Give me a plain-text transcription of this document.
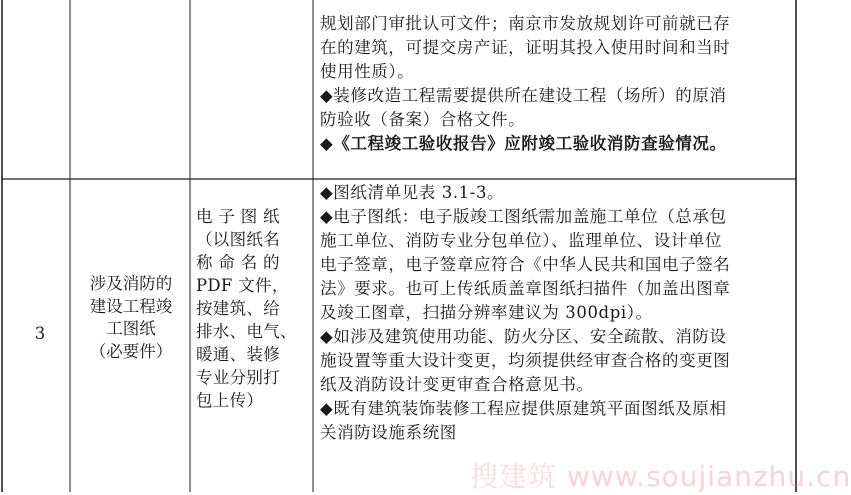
规划部门审批认可文件；南京市发放规划许可前就已存
在的建筑，可提交房产证，证明其投入使用时间和当时
使用性质）。
◆装修改造工程需要提供所在建设工程（场所）的原消
防验收（备案）合格文件。
◆《工程竣工验收报告》应附竣工验收消防查验情况。
3
涉及消防的
建设工程竣
工图纸
（必要件）
电 子 图 纸
（以图纸名
称 命 名 的
PDF 文件，
按建筑、给
排水、电气、
暖通、装修
专业分别打
包上传）
◆图纸清单见表 3.1-3。
◆电子图纸：电子版竣工图纸需加盖施工单位（总承包
施工单位、消防专业分包单位）、监理单位、设计单位
电子签章，电子签章应符合《中华人民共和国电子签名
法》要求。也可上传纸质盖章图纸扫描件（加盖出图章
及竣工图章，扫描分辨率建议为 300dpi）。
◆如涉及建筑使用功能、防火分区、安全疏散、消防设
施设置等重大设计变更，均须提供经审查合格的变更图
纸及消防设计变更审查合格意见书。
◆既有建筑装饰装修工程应提供原建筑平面图纸及原相
关消防设施系统图
搜建筑 www.soujianzhu.cn
